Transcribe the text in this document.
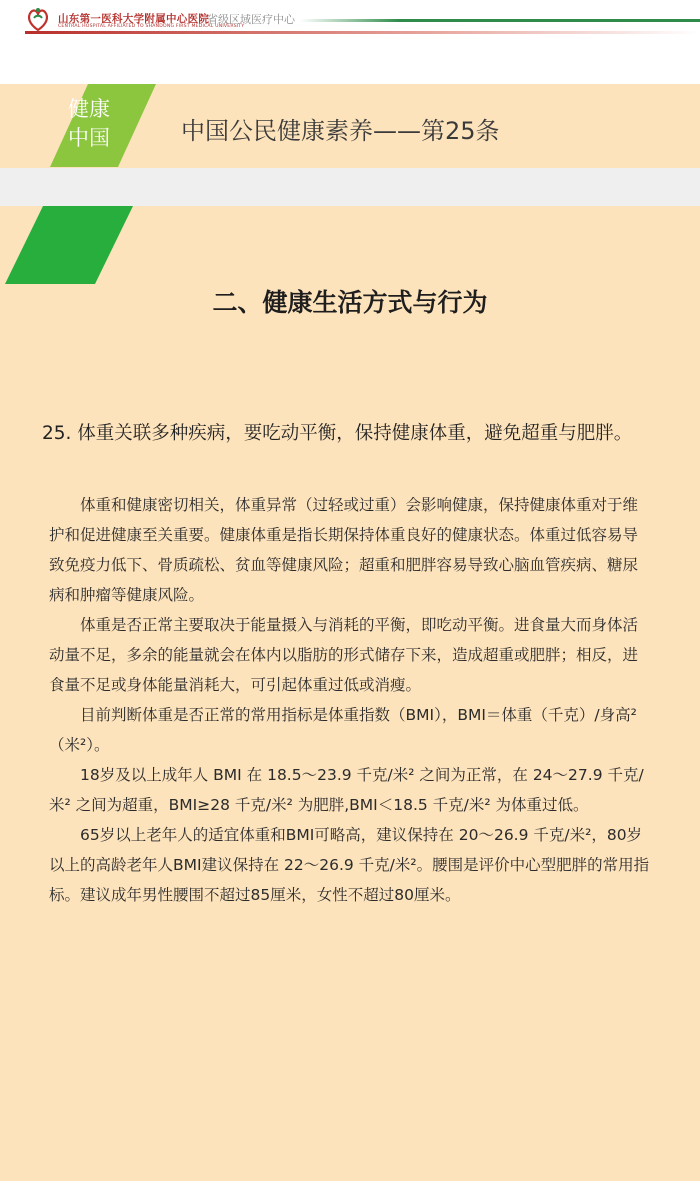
山东第一医科大学附属中心医院
CENTRAL HOSPITAL AFFILIATED TO SHANDONG FIRST MEDICAL UNIVERSITY
省级区域医疗中心
健康
中国	中国公民健康素养——第25条
二、健康生活方式与行为
25. 体重关联多种疾病，要吃动平衡，保持健康体重，避免超重与肥胖。

体重和健康密切相关，体重异常（过轻或过重）会影响健康，保持健康体重对于维护和促进健康至关重要。健康体重是指长期保持体重良好的健康状态。体重过低容易导致免疫力低下、骨质疏松、贫血等健康风险；超重和肥胖容易导致心脑血管疾病、糖尿病和肿瘤等健康风险。

体重是否正常主要取决于能量摄入与消耗的平衡，即吃动平衡。进食量大而身体活动量不足，多余的能量就会在体内以脂肪的形式储存下来，造成超重或肥胖；相反，进食量不足或身体能量消耗大，可引起体重过低或消瘦。

目前判断体重是否正常的常用指标是体重指数（BMI），BMI＝体重（千克）/身高²（米²）。

18岁及以上成年人 BMI 在 18.5～23.9 千克/米² 之间为正常，在 24～27.9 千克/米² 之间为超重，BMI≥28 千克/米² 为肥胖,BMI＜18.5 千克/米² 为体重过低。

65岁以上老年人的适宜体重和BMI可略高，建议保持在 20～26.9 千克/米²，80岁以上的高龄老年人BMI建议保持在 22～26.9 千克/米²。腰围是评价中心型肥胖的常用指标。建议成年男性腰围不超过85厘米，女性不超过80厘米。
